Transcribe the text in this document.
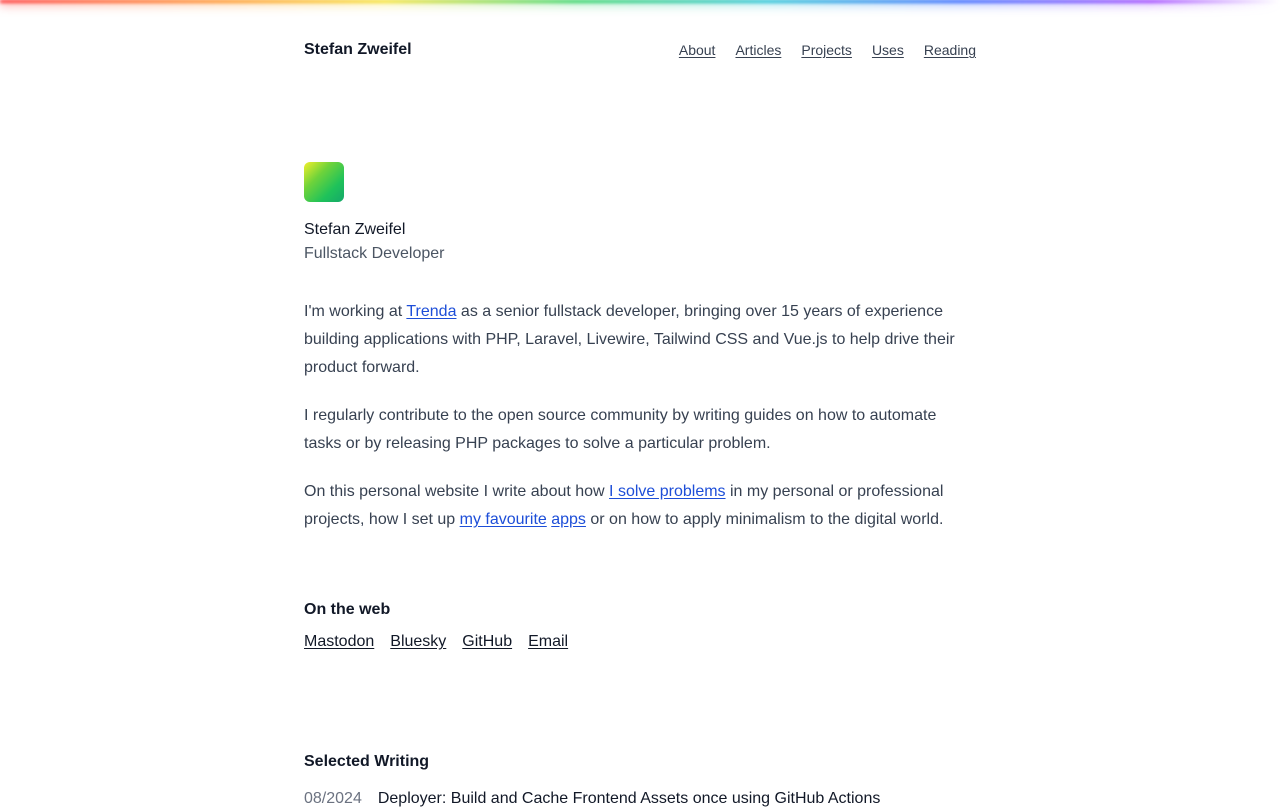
Stefan Zweifel	About Articles Projects Uses Reading
Stefan Zweifel
Fullstack Developer

I'm working at Trenda as a senior fullstack developer, bringing over 15 years of experience building applications with PHP, Laravel, Livewire, Tailwind CSS and Vue.js to help drive their product forward.

I regularly contribute to the open source community by writing guides on how to automate tasks or by releasing PHP packages to solve a particular problem.

On this personal website I write about how I solve problems in my personal or professional projects, how I set up my favourite apps or on how to apply minimalism to the digital world.

On the web
Mastodon Bluesky GitHub Email
Selected Writing
08/2024 Deployer: Build and Cache Frontend Assets once using GitHub Actions
